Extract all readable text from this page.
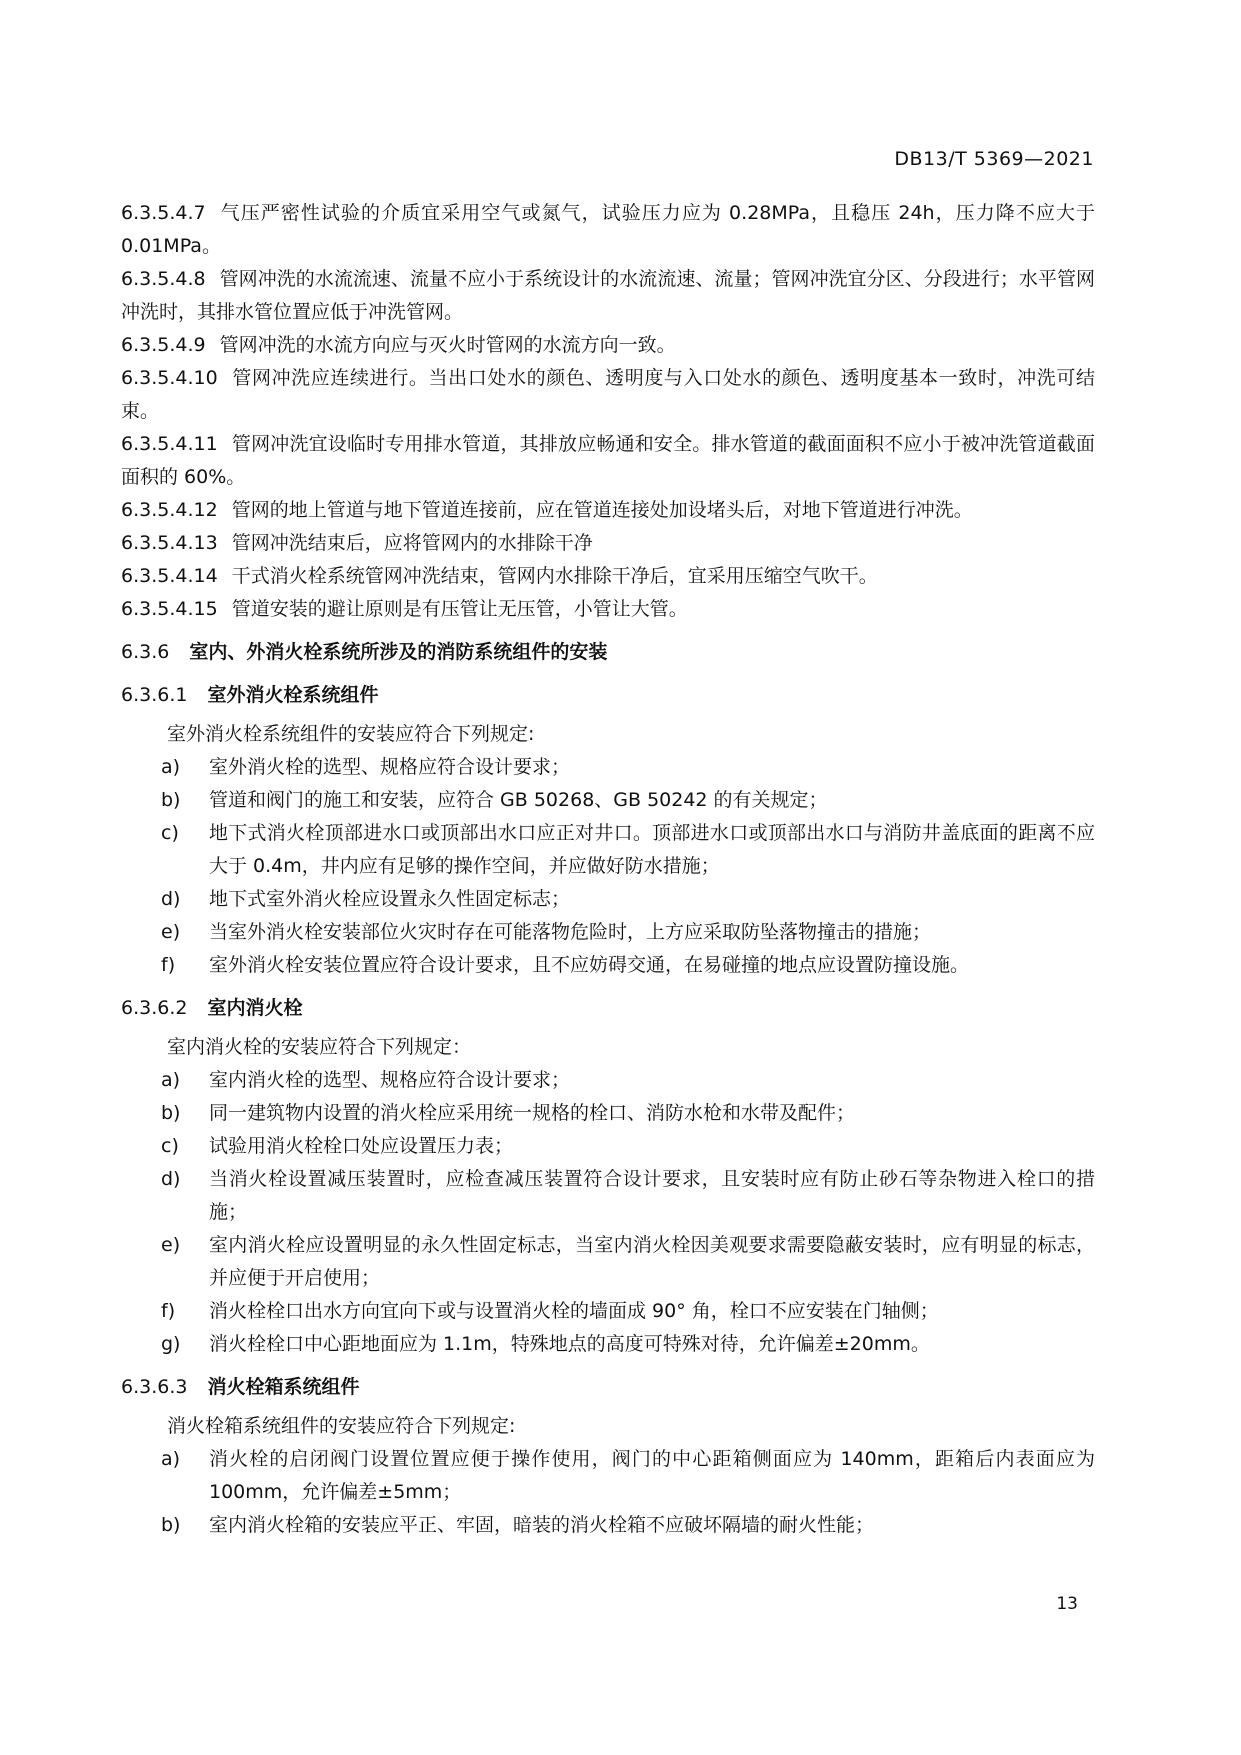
DB13/T 5369—2021
6.3.5.4.7 气压严密性试验的介质宜采用空气或氮气，试验压力应为 0.28MPa，且稳压 24h，压力降不应大于 0.01MPa。
6.3.5.4.8 管网冲洗的水流流速、流量不应小于系统设计的水流流速、流量；管网冲洗宜分区、分段进行；水平管网冲洗时，其排水管位置应低于冲洗管网。
6.3.5.4.9 管网冲洗的水流方向应与灭火时管网的水流方向一致。
6.3.5.4.10 管网冲洗应连续进行。当出口处水的颜色、透明度与入口处水的颜色、透明度基本一致时，冲洗可结束。
6.3.5.4.11 管网冲洗宜设临时专用排水管道，其排放应畅通和安全。排水管道的截面面积不应小于被冲洗管道截面面积的 60%。
6.3.5.4.12 管网的地上管道与地下管道连接前，应在管道连接处加设堵头后，对地下管道进行冲洗。
6.3.5.4.13 管网冲洗结束后，应将管网内的水排除干净
6.3.5.4.14 干式消火栓系统管网冲洗结束，管网内水排除干净后，宜采用压缩空气吹干。
6.3.5.4.15 管道安装的避让原则是有压管让无压管，小管让大管。
6.3.6 室内、外消火栓系统所涉及的消防系统组件的安装
6.3.6.1 室外消火栓系统组件
室外消火栓系统组件的安装应符合下列规定:
a)	室外消火栓的选型、规格应符合设计要求；
b)	管道和阀门的施工和安装，应符合 GB 50268、GB 50242 的有关规定；
c)	地下式消火栓顶部进水口或顶部出水口应正对井口。顶部进水口或顶部出水口与消防井盖底面的距离不应大于 0.4m，井内应有足够的操作空间，并应做好防水措施；
d)	地下式室外消火栓应设置永久性固定标志；
e)	当室外消火栓安装部位火灾时存在可能落物危险时，上方应采取防坠落物撞击的措施；
f)	室外消火栓安装位置应符合设计要求，且不应妨碍交通，在易碰撞的地点应设置防撞设施。
6.3.6.2 室内消火栓
室内消火栓的安装应符合下列规定：
a)	室内消火栓的选型、规格应符合设计要求；
b)	同一建筑物内设置的消火栓应采用统一规格的栓口、消防水枪和水带及配件；
c)	试验用消火栓栓口处应设置压力表；
d)	当消火栓设置减压装置时，应检查减压装置符合设计要求，且安装时应有防止砂石等杂物进入栓口的措施；
e)	室内消火栓应设置明显的永久性固定标志，当室内消火栓因美观要求需要隐蔽安装时，应有明显的标志，并应便于开启使用；
f)	消火栓栓口出水方向宜向下或与设置消火栓的墙面成 90° 角，栓口不应安装在门轴侧；
g)	消火栓栓口中心距地面应为 1.1m，特殊地点的高度可特殊对待，允许偏差±20mm。
6.3.6.3 消火栓箱系统组件
消火栓箱系统组件的安装应符合下列规定:
a)	消火栓的启闭阀门设置位置应便于操作使用，阀门的中心距箱侧面应为 140mm，距箱后内表面应为 100mm，允许偏差±5mm；
b)	室内消火栓箱的安装应平正、牢固，暗装的消火栓箱不应破坏隔墙的耐火性能；
13
